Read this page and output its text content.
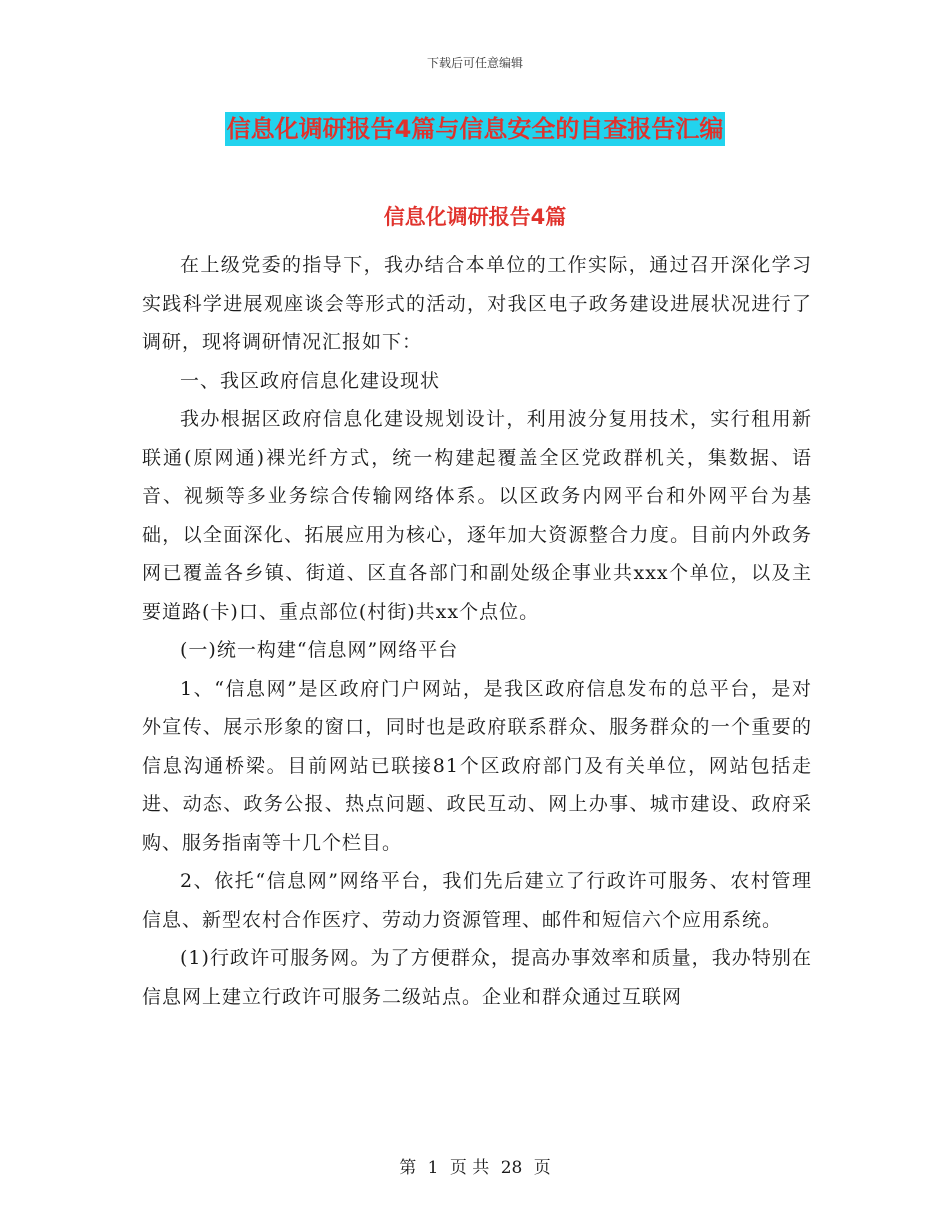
下载后可任意编辑
信息化调研报告4篇与信息安全的自查报告汇编
信息化调研报告4篇

在上级党委的指导下，我办结合本单位的工作实际，通过召开深化学习实践科学进展观座谈会等形式的活动，对我区电子政务建设进展状况进行了调研，现将调研情况汇报如下：

一、我区政府信息化建设现状

我办根据区政府信息化建设规划设计，利用波分复用技术，实行租用新联通(原网通)裸光纤方式，统一构建起覆盖全区党政群机关，集数据、语音、视频等多业务综合传输网络体系。以区政务内网平台和外网平台为基础，以全面深化、拓展应用为核心，逐年加大资源整合力度。目前内外政务网已覆盖各乡镇、街道、区直各部门和副处级企事业共xxx个单位，以及主要道路(卡)口、重点部位(村街)共xx个点位。

(一)统一构建“信息网”网络平台

1、“信息网”是区政府门户网站，是我区政府信息发布的总平台，是对外宣传、展示形象的窗口，同时也是政府联系群众、服务群众的一个重要的信息沟通桥梁。目前网站已联接81个区政府部门及有关单位，网站包括走进、动态、政务公报、热点问题、政民互动、网上办事、城市建设、政府采购、服务指南等十几个栏目。

2、依托“信息网”网络平台，我们先后建立了行政许可服务、农村管理信息、新型农村合作医疗、劳动力资源管理、邮件和短信六个应用系统。

(1)行政许可服务网。为了方便群众，提高办事效率和质量，我办特别在信息网上建立行政许可服务二级站点。企业和群众通过互联网

第 1 页 共 28 页
